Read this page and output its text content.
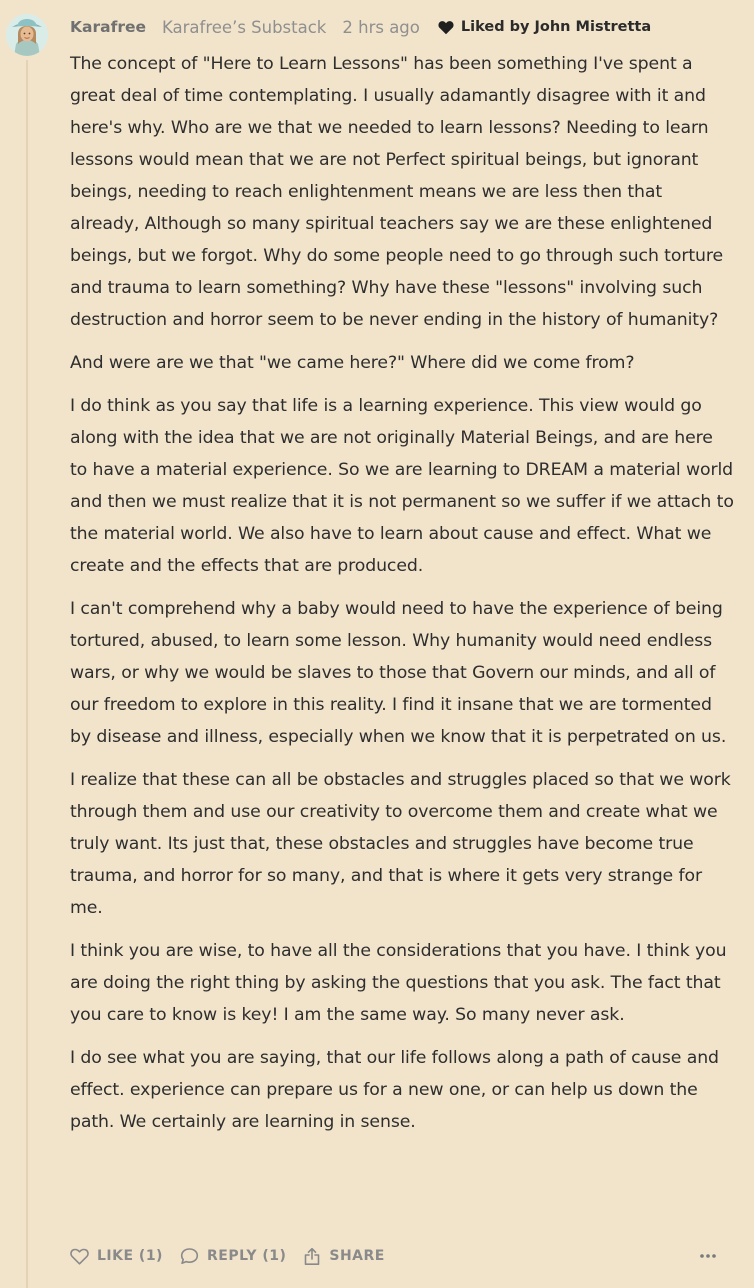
Karafree Karafree’s Substack 2 hrs ago	Liked by John Mistretta

The concept of "Here to Learn Lessons" has been something I've spent a great deal of time contemplating. I usually adamantly disagree with it and here's why. Who are we that we needed to learn lessons? Needing to learn lessons would mean that we are not Perfect spiritual beings, but ignorant beings, needing to reach enlightenment means we are less then that already, Although so many spiritual teachers say we are these enlightened beings, but we forgot. Why do some people need to go through such torture and trauma to learn something? Why have these "lessons" involving such destruction and horror seem to be never ending in the history of humanity?

And were are we that "we came here?" Where did we come from?

I do think as you say that life is a learning experience. This view would go along with the idea that we are not originally Material Beings, and are here to have a material experience. So we are learning to DREAM a material world and then we must realize that it is not permanent so we suffer if we attach to the material world. We also have to learn about cause and effect. What we create and the effects that are produced.

I can't comprehend why a baby would need to have the experience of being tortured, abused, to learn some lesson. Why humanity would need endless wars, or why we would be slaves to those that Govern our minds, and all of our freedom to explore in this reality. I find it insane that we are tormented by disease and illness, especially when we know that it is perpetrated on us.

I realize that these can all be obstacles and struggles placed so that we work through them and use our creativity to overcome them and create what we truly want. Its just that, these obstacles and struggles have become true trauma, and horror for so many, and that is where it gets very strange for me.

I think you are wise, to have all the considerations that you have. I think you are doing the right thing by asking the questions that you ask. The fact that you care to know is key! I am the same way. So many never ask.

I do see what you are saying, that our life follows along a path of cause and effect. experience can prepare us for a new one, or can help us down the path. We certainly are learning in sense.

LIKE (1)	REPLY (1)	SHARE
